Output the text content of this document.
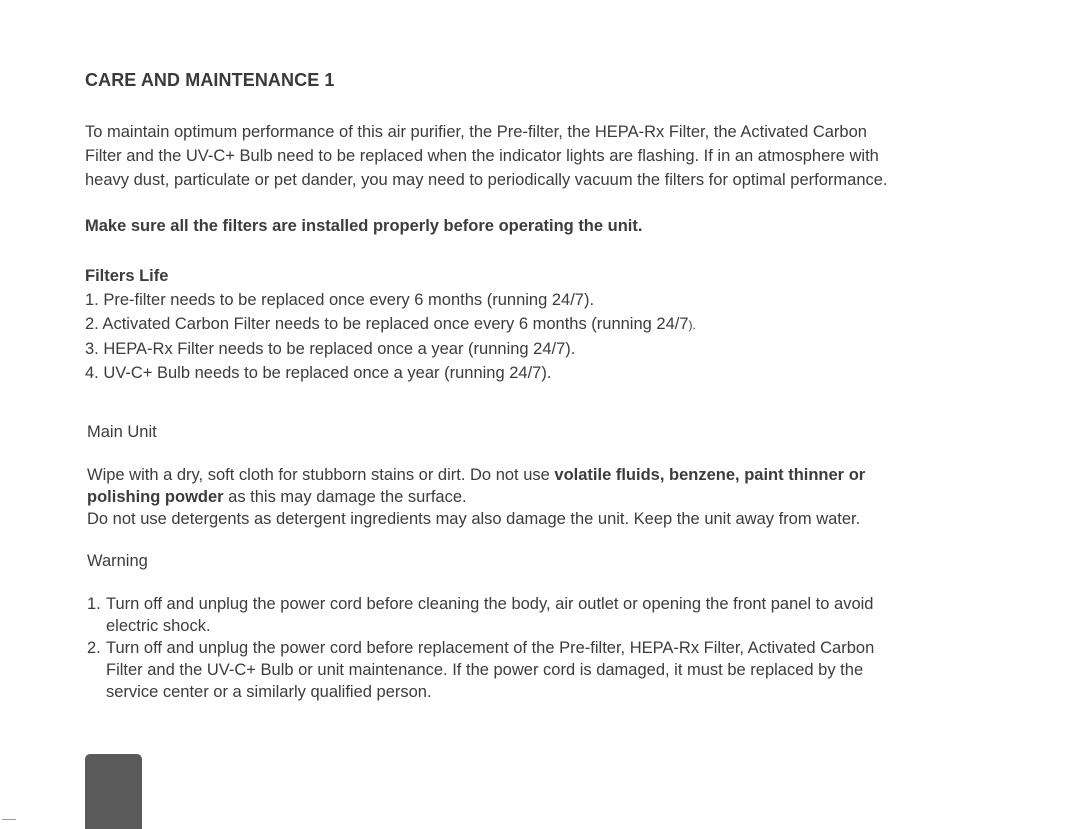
CARE AND MAINTENANCE 1
To maintain optimum performance of this air purifier, the Pre-filter, the HEPA-Rx Filter, the Activated Carbon
Filter and the UV-C+ Bulb need to be replaced when the indicator lights are flashing. If in an atmosphere with
heavy dust, particulate or pet dander, you may need to periodically vacuum the filters for optimal performance.

Make sure all the filters are installed properly before operating the unit.

Filters Life

1. Pre-filter needs to be replaced once every 6 months (running 24/7).
2. Activated Carbon Filter needs to be replaced once every 6 months (running 24/7).
3. HEPA-Rx Filter needs to be replaced once a year (running 24/7).
4. UV-C+ Bulb needs to be replaced once a year (running 24/7).

Main Unit

Wipe with a dry, soft cloth for stubborn stains or dirt. Do not use volatile fluids, benzene, paint thinner or
polishing powder as this may damage the surface.

Do not use detergents as detergent ingredients may also damage the unit. Keep the unit away from water.

Warning

1. Turn off and unplug the power cord before cleaning the body, air outlet or opening the front panel to avoid
electric shock.
2. Turn off and unplug the power cord before replacement of the Pre-filter, HEPA-Rx Filter, Activated Carbon
Filter and the UV-C+ Bulb or unit maintenance. If the power cord is damaged, it must be replaced by the
service center or a similarly qualified person.
